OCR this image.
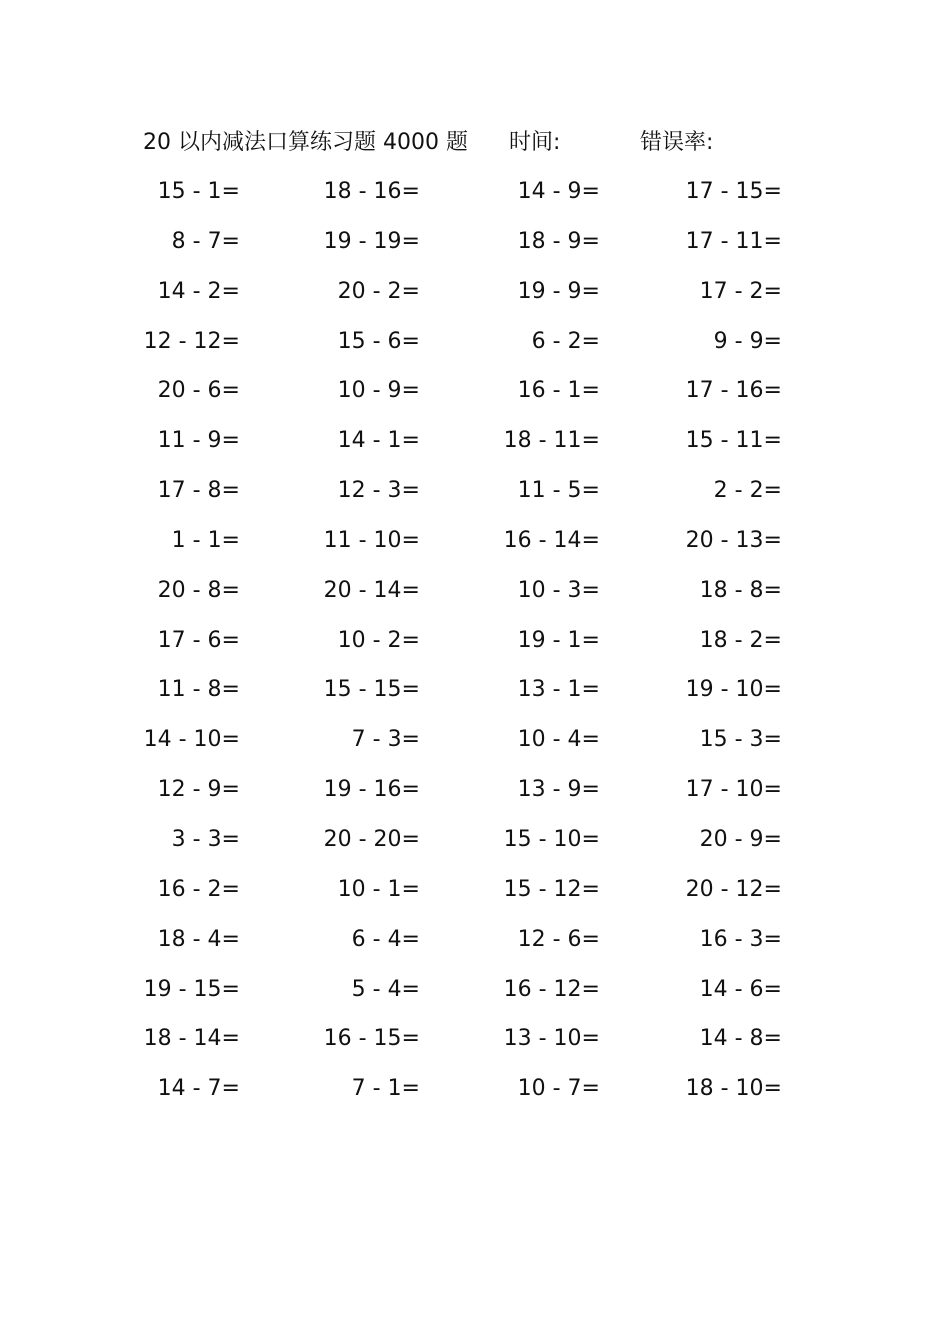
20 以内减法口算练习题 4000 题 时间:	错误率:
15 - 1=	18 - 16=	14 - 9=	17 - 15=
8 - 7=	19 - 19=	18 - 9=	17 - 11=
14 - 2=	20 - 2=	19 - 9=	17 - 2=
12 - 12=	15 - 6=	6 - 2=	9 - 9=
20 - 6=	10 - 9=	16 - 1=	17 - 16=
11 - 9=	14 - 1=	18 - 11=	15 - 11=
17 - 8=	12 - 3=	11 - 5=	2 - 2=
1 - 1=	11 - 10=	16 - 14=	20 - 13=
20 - 8=	20 - 14=	10 - 3=	18 - 8=
17 - 6=	10 - 2=	19 - 1=	18 - 2=
11 - 8=	15 - 15=	13 - 1=	19 - 10=
14 - 10=	7 - 3=	10 - 4=	15 - 3=
12 - 9=	19 - 16=	13 - 9=	17 - 10=
3 - 3=	20 - 20=	15 - 10=	20 - 9=
16 - 2=	10 - 1=	15 - 12=	20 - 12=
18 - 4=	6 - 4=	12 - 6=	16 - 3=
19 - 15=	5 - 4=	16 - 12=	14 - 6=
18 - 14=	16 - 15=	13 - 10=	14 - 8=
14 - 7=	7 - 1=	10 - 7=	18 - 10=
